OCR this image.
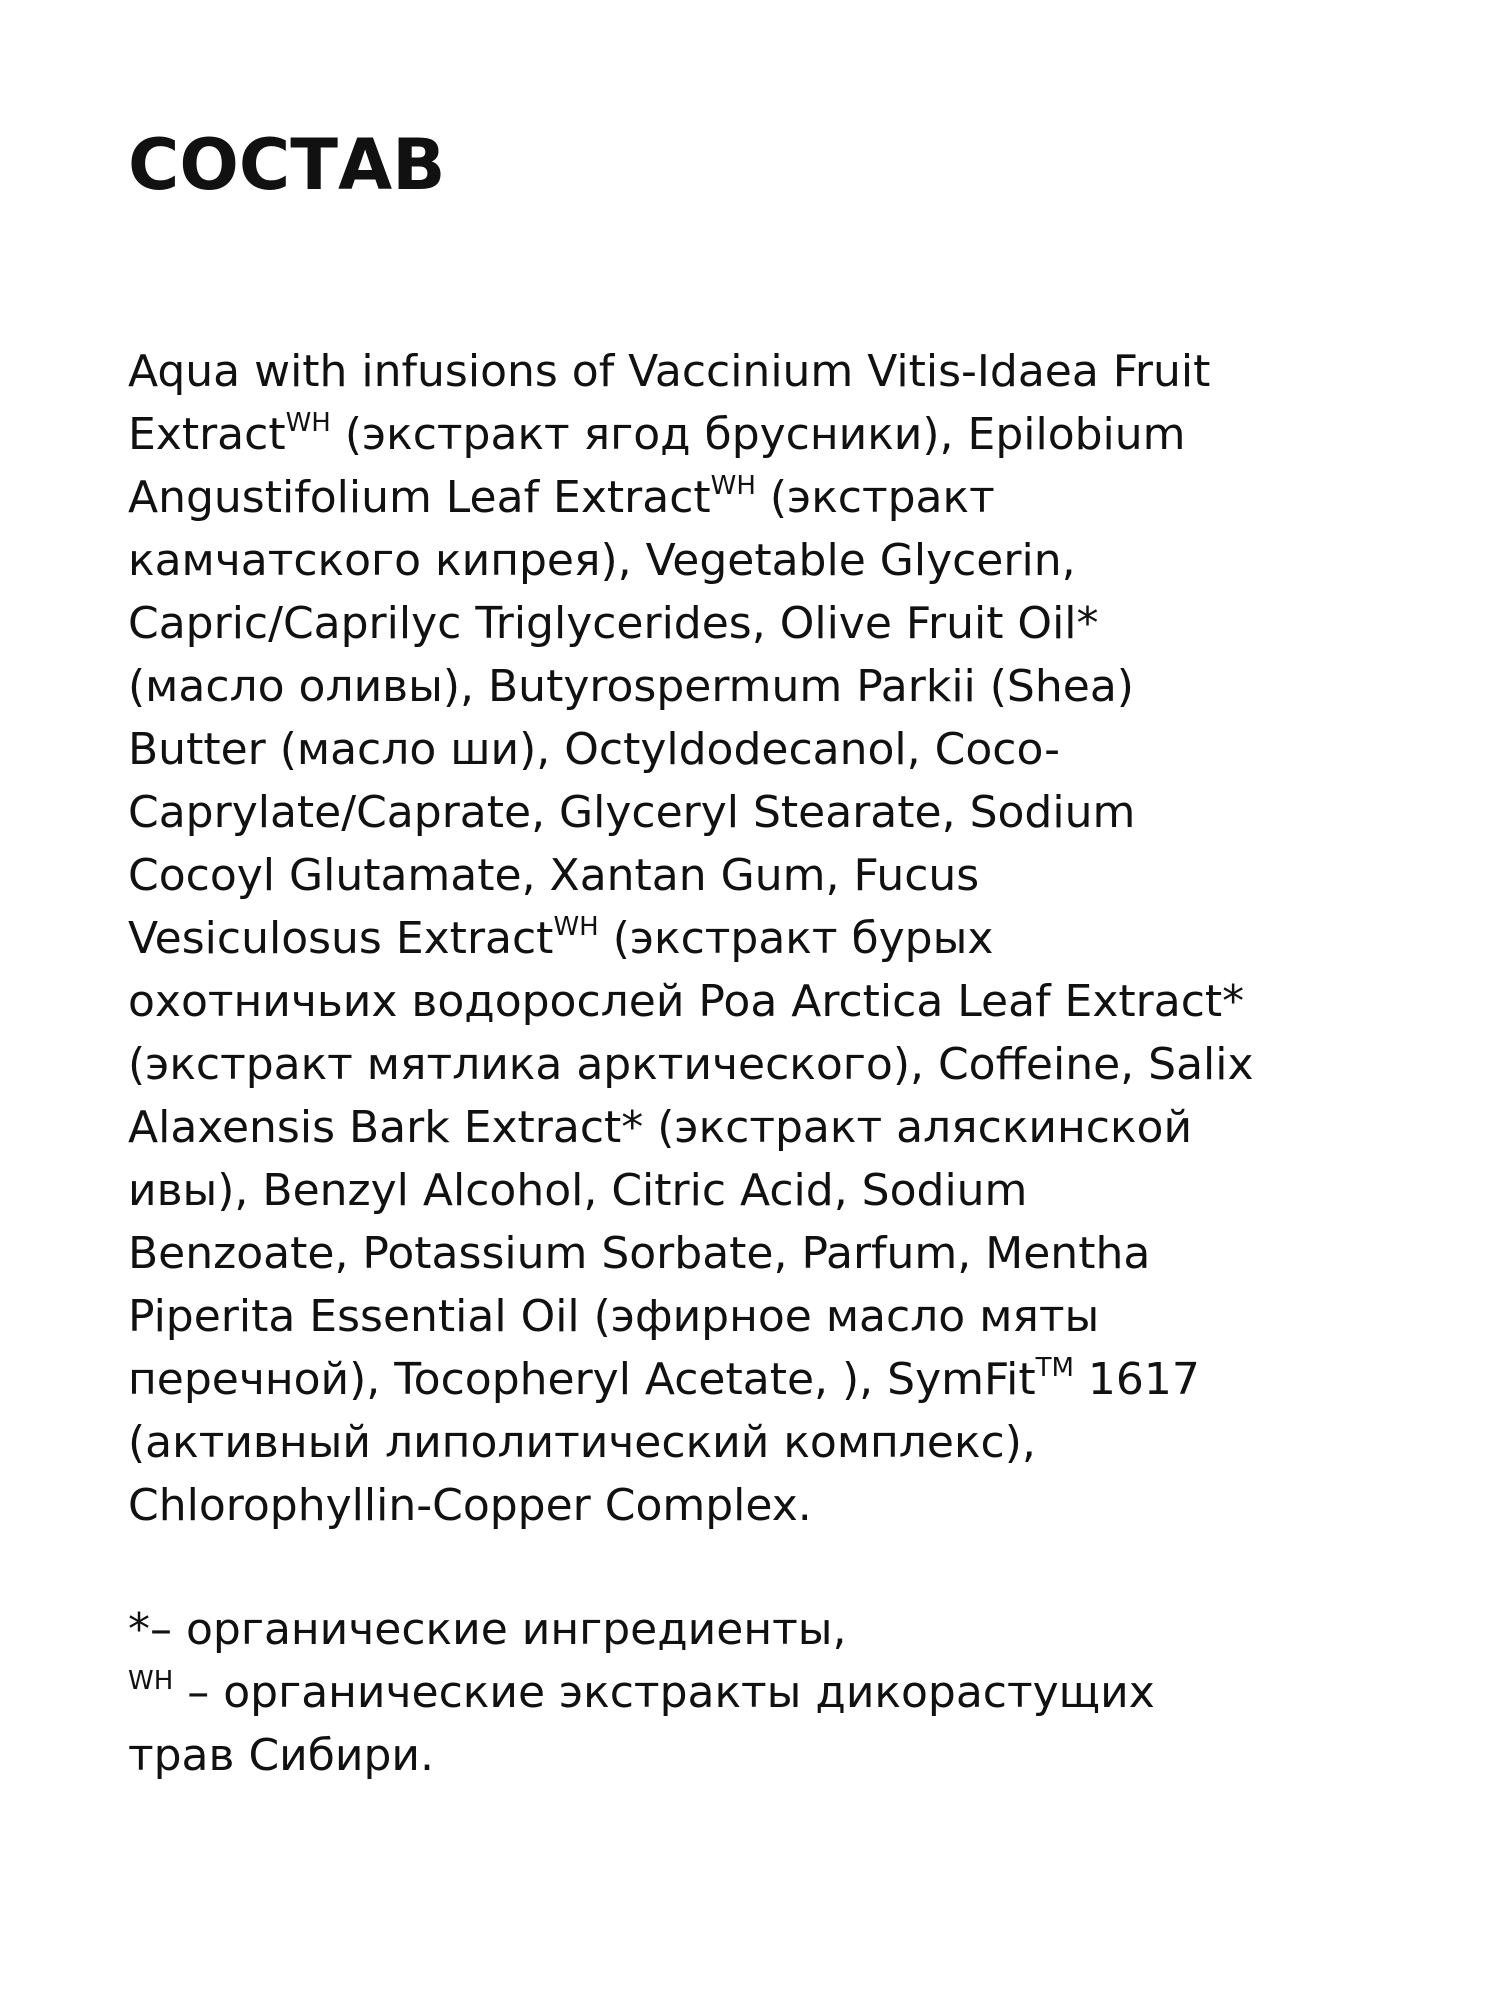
СОСТАВ
Aqua with infusions of Vaccinium Vitis-Idaea Fruit
Extract$^{WH}$ (экстракт ягод брусники), Epilobium
Angustifolium Leaf Extract$^{WH}$ (экстракт
камчатского кипрея), Vegetable Glycerin,
Capric/Caprilyc Triglycerides, Olive Fruit Oil*
(масло оливы), Butyrospermum Parkii (Shea)
Butter (масло ши), Octyldodecanol, Coco-
Caprylate/Caprate, Glyceryl Stearate, Sodium
Cocoyl Glutamate, Xantan Gum, Fucus
Vesiculosus Extract$^{WH}$ (экстракт бурых
охотничьих водорослей Poa Arctica Leaf Extract*
(экстракт мятлика арктического), Coffeine, Salix
Alaxensis Bark Extract* (экстракт аляскинской
ивы), Benzyl Alcohol, Citric Acid, Sodium
Benzoate, Potassium Sorbate, Parfum, Mentha
Piperita Essential Oil (эфирное масло мяты
перечной), Tocopheryl Acetate, ), SymFit™ 1617
(активный липолитический комплекс),
Chlorophyllin-Copper Complex.
*– органические ингредиенты,
$^{WH}$ – органические экстракты дикорастущих
трав Сибири.
